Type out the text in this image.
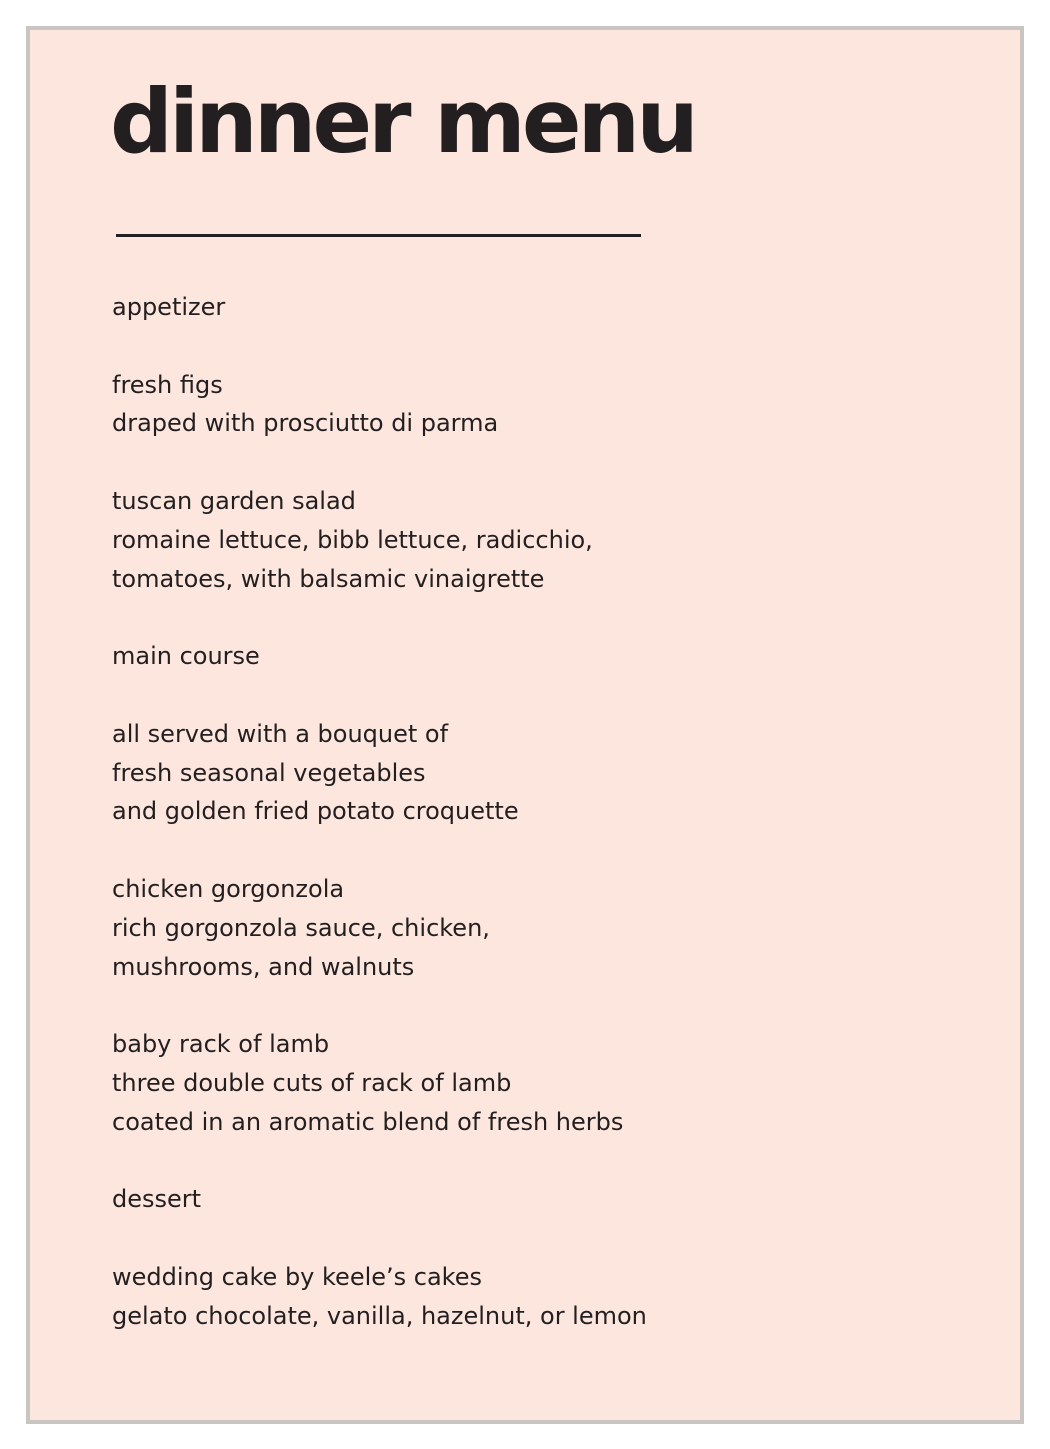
dinner menu
appetizer
fresh figs
draped with prosciutto di parma
tuscan garden salad
romaine lettuce, bibb lettuce, radicchio,
tomatoes, with balsamic vinaigrette
main course
all served with a bouquet of
fresh seasonal vegetables
and golden fried potato croquette
chicken gorgonzola
rich gorgonzola sauce, chicken,
mushrooms, and walnuts
baby rack of lamb
three double cuts of rack of lamb
coated in an aromatic blend of fresh herbs
dessert
wedding cake by keele’s cakes
gelato chocolate, vanilla, hazelnut, or lemon
